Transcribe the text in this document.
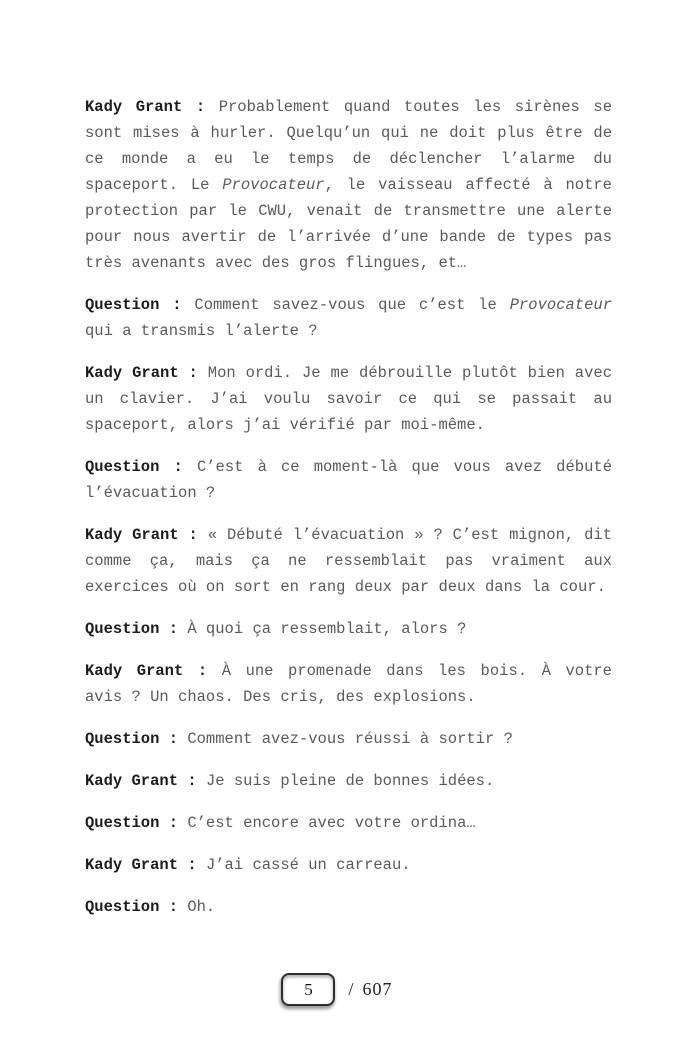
Kady Grant : Probablement quand toutes les sirènes se sont mises à hurler. Quelqu’un qui ne doit plus être de ce monde a eu le temps de déclencher l’alarme du spaceport. Le Provocateur, le vaisseau affecté à notre protection par le CWU, venait de transmettre une alerte pour nous avertir de l’arrivée d’une bande de types pas très avenants avec des gros flingues, et…
Question : Comment savez-vous que c’est le Provocateur qui a transmis l’alerte ?
Kady Grant : Mon ordi. Je me débrouille plutôt bien avec un clavier. J’ai voulu savoir ce qui se passait au spaceport, alors j’ai vérifié par moi-même.
Question : C’est à ce moment-là que vous avez débuté l’évacuation ?
Kady Grant : « Débuté l’évacuation » ? C’est mignon, dit comme ça, mais ça ne ressemblait pas vraiment aux exercices où on sort en rang deux par deux dans la cour.
Question : À quoi ça ressemblait, alors ?
Kady Grant : À une promenade dans les bois. À votre avis ? Un chaos. Des cris, des explosions.
Question : Comment avez-vous réussi à sortir ?
Kady Grant : Je suis pleine de bonnes idées.
Question : C’est encore avec votre ordina…
Kady Grant : J’ai cassé un carreau.
Question : Oh.
5
/ 607
